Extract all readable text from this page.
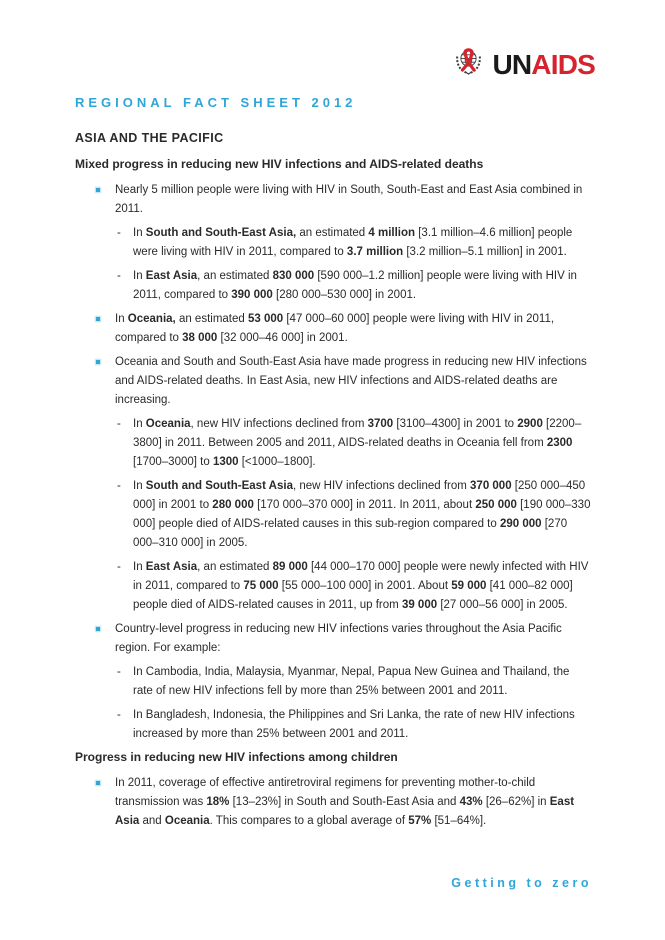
UNAIDS
REGIONAL FACT SHEET 2012
ASIA AND THE PACIFIC
Mixed progress in reducing new HIV infections and AIDS-related deaths
Nearly 5 million people were living with HIV in South, South-East and East Asia combined in 2011.
- In South and South-East Asia, an estimated 4 million [3.1 million–4.6 million] people were living with HIV in 2011, compared to 3.7 million [3.2 million–5.1 million] in 2001.
- In East Asia, an estimated 830 000 [590 000–1.2 million] people were living with HIV in 2011, compared to 390 000 [280 000–530 000] in 2001.
In Oceania, an estimated 53 000 [47 000–60 000] people were living with HIV in 2011, compared to 38 000 [32 000–46 000] in 2001.
Oceania and South and South-East Asia have made progress in reducing new HIV infections and AIDS-related deaths. In East Asia, new HIV infections and AIDS-related deaths are increasing.
- In Oceania, new HIV infections declined from 3700 [3100–4300] in 2001 to 2900 [2200–3800] in 2011. Between 2005 and 2011, AIDS-related deaths in Oceania fell from 2300 [1700–3000] to 1300 [<1000–1800].
- In South and South-East Asia, new HIV infections declined from 370 000 [250 000–450 000] in 2001 to 280 000 [170 000–370 000] in 2011. In 2011, about 250 000 [190 000–330 000] people died of AIDS-related causes in this sub-region compared to 290 000 [270 000–310 000] in 2005.
- In East Asia, an estimated 89 000 [44 000–170 000] people were newly infected with HIV in 2011, compared to 75 000 [55 000–100 000] in 2001. About 59 000 [41 000–82 000] people died of AIDS-related causes in 2011, up from 39 000 [27 000–56 000] in 2005.
Country-level progress in reducing new HIV infections varies throughout the Asia Pacific region. For example:
- In Cambodia, India, Malaysia, Myanmar, Nepal, Papua New Guinea and Thailand, the rate of new HIV infections fell by more than 25% between 2001 and 2011.
- In Bangladesh, Indonesia, the Philippines and Sri Lanka, the rate of new HIV infections increased by more than 25% between 2001 and 2011.
Progress in reducing new HIV infections among children
In 2011, coverage of effective antiretroviral regimens for preventing mother-to-child transmission was 18% [13–23%] in South and South-East Asia and 43% [26–62%] in East Asia and Oceania. This compares to a global average of 57% [51–64%].
Getting to zero
